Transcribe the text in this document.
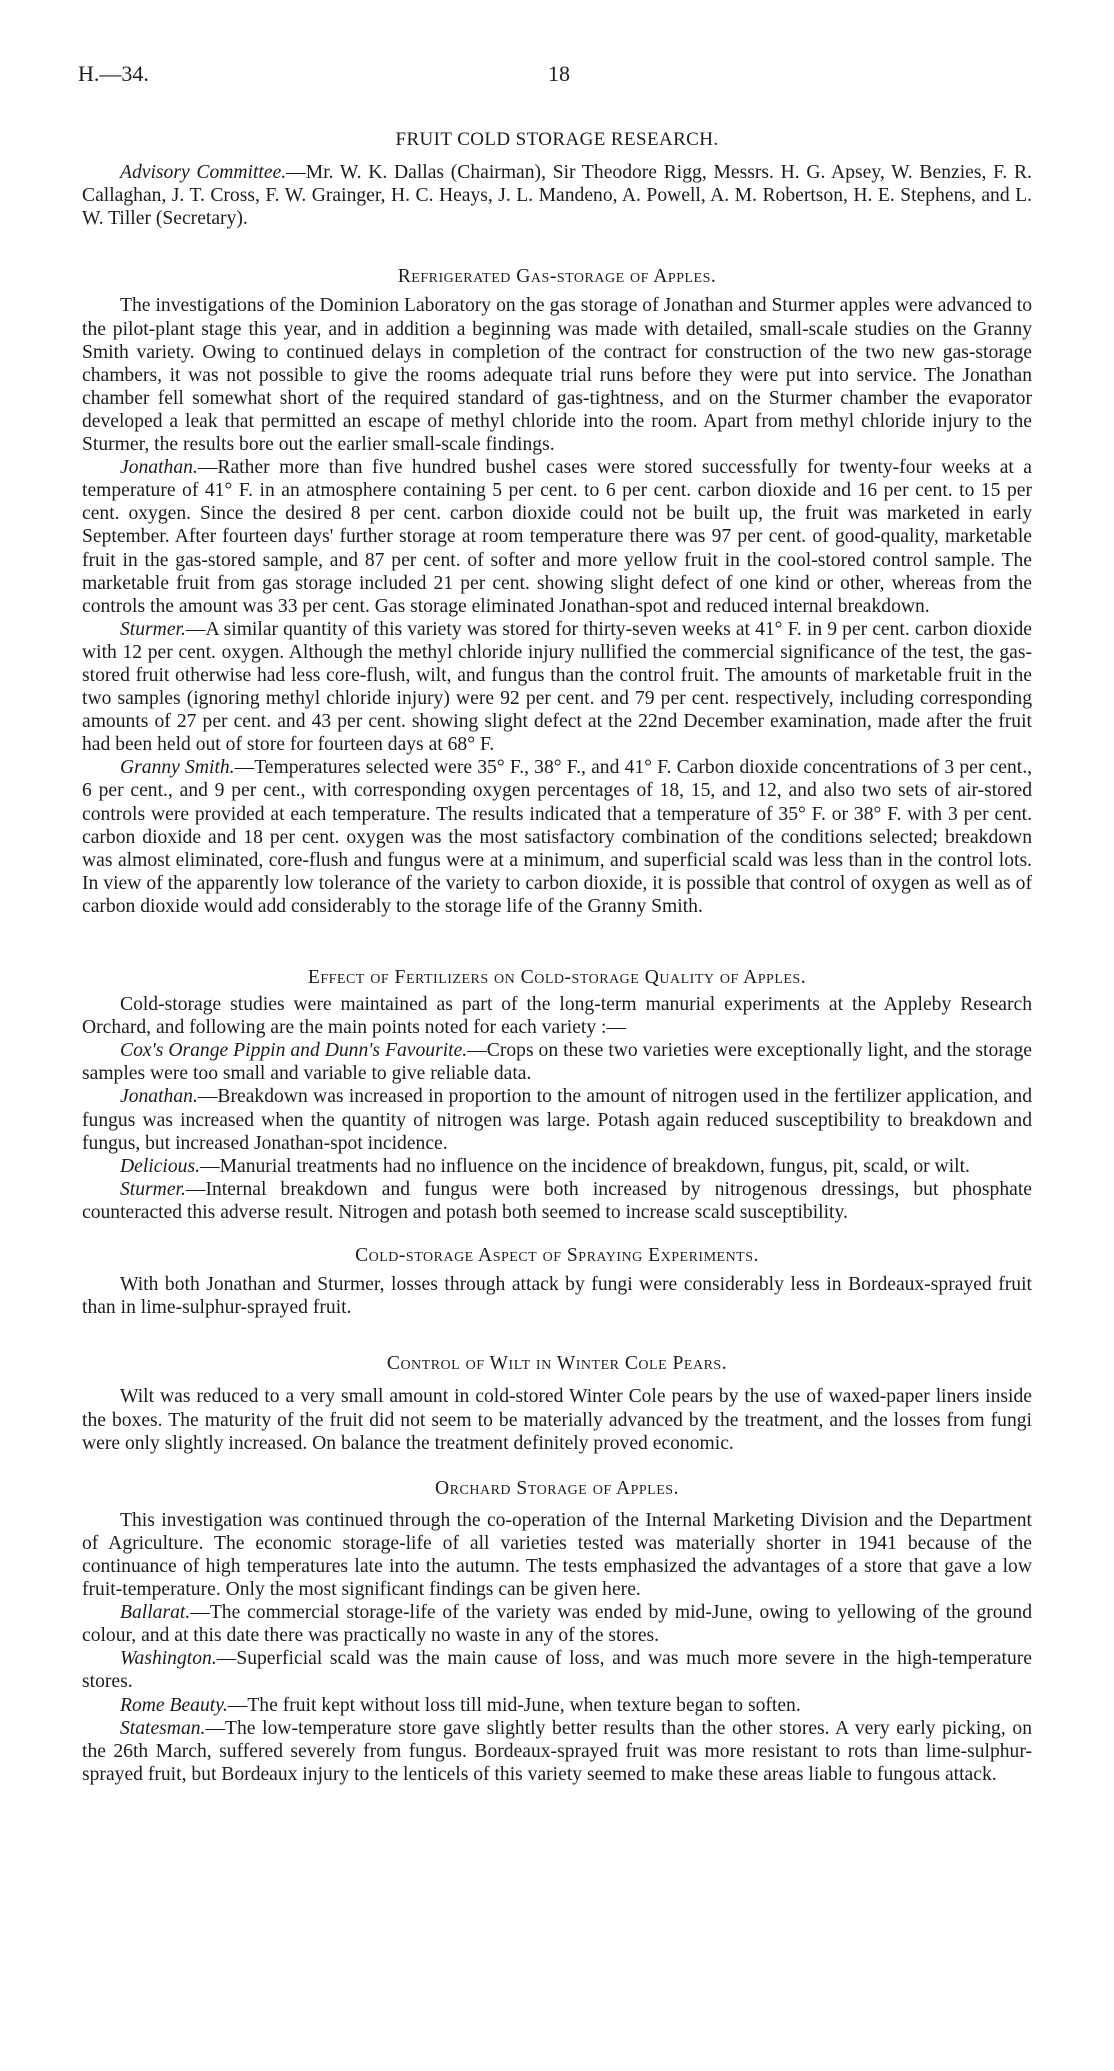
H.—34.	18
FRUIT COLD STORAGE RESEARCH.

Advisory Committee.—Mr. W. K. Dallas (Chairman), Sir Theodore Rigg, Messrs. H. G. Apsey, W. Benzies, F. R. Callaghan, J. T. Cross, F. W. Grainger, H. C. Heays, J. L. Mandeno, A. Powell, A. M. Robertson, H. E. Stephens, and L. W. Tiller (Secretary).

Refrigerated Gas-storage of Apples.

The investigations of the Dominion Laboratory on the gas storage of Jonathan and Sturmer apples were advanced to the pilot-plant stage this year, and in addition a beginning was made with detailed, small-scale studies on the Granny Smith variety. Owing to continued delays in completion of the contract for construction of the two new gas-storage chambers, it was not possible to give the rooms adequate trial runs before they were put into service. The Jonathan chamber fell somewhat short of the required standard of gas-tightness, and on the Sturmer chamber the evaporator developed a leak that permitted an escape of methyl chloride into the room. Apart from methyl chloride injury to the Sturmer, the results bore out the earlier small-scale findings.

Jonathan.—Rather more than five hundred bushel cases were stored successfully for twenty-four weeks at a temperature of 41° F. in an atmosphere containing 5 per cent. to 6 per cent. carbon dioxide and 16 per cent. to 15 per cent. oxygen. Since the desired 8 per cent. carbon dioxide could not be built up, the fruit was marketed in early September. After fourteen days' further storage at room temperature there was 97 per cent. of good-quality, marketable fruit in the gas-stored sample, and 87 per cent. of softer and more yellow fruit in the cool-stored control sample. The marketable fruit from gas storage included 21 per cent. showing slight defect of one kind or other, whereas from the controls the amount was 33 per cent. Gas storage eliminated Jonathan-spot and reduced internal breakdown.

Sturmer.—A similar quantity of this variety was stored for thirty-seven weeks at 41° F. in 9 per cent. carbon dioxide with 12 per cent. oxygen. Although the methyl chloride injury nullified the commercial significance of the test, the gas-stored fruit otherwise had less core-flush, wilt, and fungus than the control fruit. The amounts of marketable fruit in the two samples (ignoring methyl chloride injury) were 92 per cent. and 79 per cent. respectively, including corresponding amounts of 27 per cent. and 43 per cent. showing slight defect at the 22nd December examination, made after the fruit had been held out of store for fourteen days at 68° F.

Granny Smith.—Temperatures selected were 35° F., 38° F., and 41° F. Carbon dioxide concentrations of 3 per cent., 6 per cent., and 9 per cent., with corresponding oxygen percentages of 18, 15, and 12, and also two sets of air-stored controls were provided at each temperature. The results indicated that a temperature of 35° F. or 38° F. with 3 per cent. carbon dioxide and 18 per cent. oxygen was the most satisfactory combination of the conditions selected; breakdown was almost eliminated, core-flush and fungus were at a minimum, and superficial scald was less than in the control lots. In view of the apparently low tolerance of the variety to carbon dioxide, it is possible that control of oxygen as well as of carbon dioxide would add considerably to the storage life of the Granny Smith.

Effect of Fertilizers on Cold-storage Quality of Apples.

Cold-storage studies were maintained as part of the long-term manurial experiments at the Appleby Research Orchard, and following are the main points noted for each variety :—

Cox's Orange Pippin and Dunn's Favourite.—Crops on these two varieties were exceptionally light, and the storage samples were too small and variable to give reliable data.

Jonathan.—Breakdown was increased in proportion to the amount of nitrogen used in the fertilizer application, and fungus was increased when the quantity of nitrogen was large. Potash again reduced susceptibility to breakdown and fungus, but increased Jonathan-spot incidence.

Delicious.—Manurial treatments had no influence on the incidence of breakdown, fungus, pit, scald, or wilt.

Sturmer.—Internal breakdown and fungus were both increased by nitrogenous dressings, but phosphate counteracted this adverse result. Nitrogen and potash both seemed to increase scald susceptibility.

Cold-storage Aspect of Spraying Experiments.

With both Jonathan and Sturmer, losses through attack by fungi were considerably less in Bordeaux-sprayed fruit than in lime-sulphur-sprayed fruit.

Control of Wilt in Winter Cole Pears.

Wilt was reduced to a very small amount in cold-stored Winter Cole pears by the use of waxed-paper liners inside the boxes. The maturity of the fruit did not seem to be materially advanced by the treatment, and the losses from fungi were only slightly increased. On balance the treatment definitely proved economic.

Orchard Storage of Apples.

This investigation was continued through the co-operation of the Internal Marketing Division and the Department of Agriculture. The economic storage-life of all varieties tested was materially shorter in 1941 because of the continuance of high temperatures late into the autumn. The tests emphasized the advantages of a store that gave a low fruit-temperature. Only the most significant findings can be given here.

Ballarat.—The commercial storage-life of the variety was ended by mid-June, owing to yellowing of the ground colour, and at this date there was practically no waste in any of the stores.

Washington.—Superficial scald was the main cause of loss, and was much more severe in the high-temperature stores.

Rome Beauty.—The fruit kept without loss till mid-June, when texture began to soften.

Statesman.—The low-temperature store gave slightly better results than the other stores. A very early picking, on the 26th March, suffered severely from fungus. Bordeaux-sprayed fruit was more resistant to rots than lime-sulphur-sprayed fruit, but Bordeaux injury to the lenticels of this variety seemed to make these areas liable to fungous attack.
